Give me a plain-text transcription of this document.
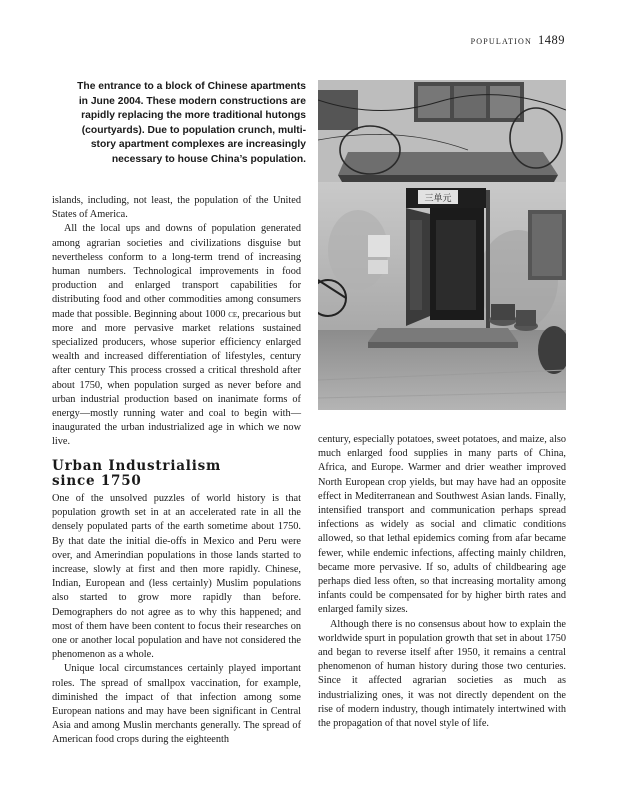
population 1489
The entrance to a block of Chinese apartments in June 2004. These modern constructions are rapidly replacing the more traditional hutongs (courtyards). Due to population crunch, multi-story apartment complexes are increasingly necessary to house China’s population.
三单元

islands, including, not least, the population of the United States of America.

All the local ups and downs of population generated among agrarian societies and civilizations disguise but nevertheless conform to a long-term trend of increasing human numbers. Technological improvements in food production and enlarged transport capabilities for distributing food and other commodities among consumers made that possible. Beginning about 1000 ce, precarious but more and more pervasive market relations sustained specialized producers, whose superior efficiency enlarged wealth and increased differentiation of lifestyles, century after century This process crossed a critical threshold after about 1750, when population surged as never before and urban industrial production based on inanimate forms of energy—mostly running water and coal to begin with—inaugurated the urban industrialized age in which we now live.

Urban Industrialism
since 1750

One of the unsolved puzzles of world history is that population growth set in at an accelerated rate in all the densely populated parts of the earth sometime about 1750. By that date the initial die-offs in Mexico and Peru were over, and Amerindian populations in those lands started to increase, slowly at first and then more rapidly. Chinese, Indian, European and (less certainly) Muslim populations also started to grow more rapidly than before. Demographers do not agree as to why this happened; and most of them have been content to focus their researches on one or another local population and have not considered the phenomenon as a whole.

Unique local circumstances certainly played important roles. The spread of smallpox vaccination, for example, diminished the impact of that infection among some European nations and may have been significant in Central Asia and among Muslin merchants generally. The spread of American food crops during the eighteenth

century, especially potatoes, sweet potatoes, and maize, also much enlarged food supplies in many parts of China, Africa, and Europe. Warmer and drier weather improved North European crop yields, but may have had an opposite effect in Mediterranean and Southwest Asian lands. Finally, intensified transport and communication perhaps spread infections as widely as social and climatic conditions allowed, so that lethal epidemics coming from afar became fewer, while endemic infections, affecting mainly children, became more pervasive. If so, adults of childbearing age perhaps died less often, so that increasing mortality among infants could be compensated for by higher birth rates and enlarged family sizes.

Although there is no consensus about how to explain the worldwide spurt in population growth that set in about 1750 and began to reverse itself after 1950, it remains a central phenomenon of human history during those two centuries. Since it affected agrarian societies as much as industrializing ones, it was not directly dependent on the rise of modern industry, though intimately intertwined with the propagation of that novel style of life.
